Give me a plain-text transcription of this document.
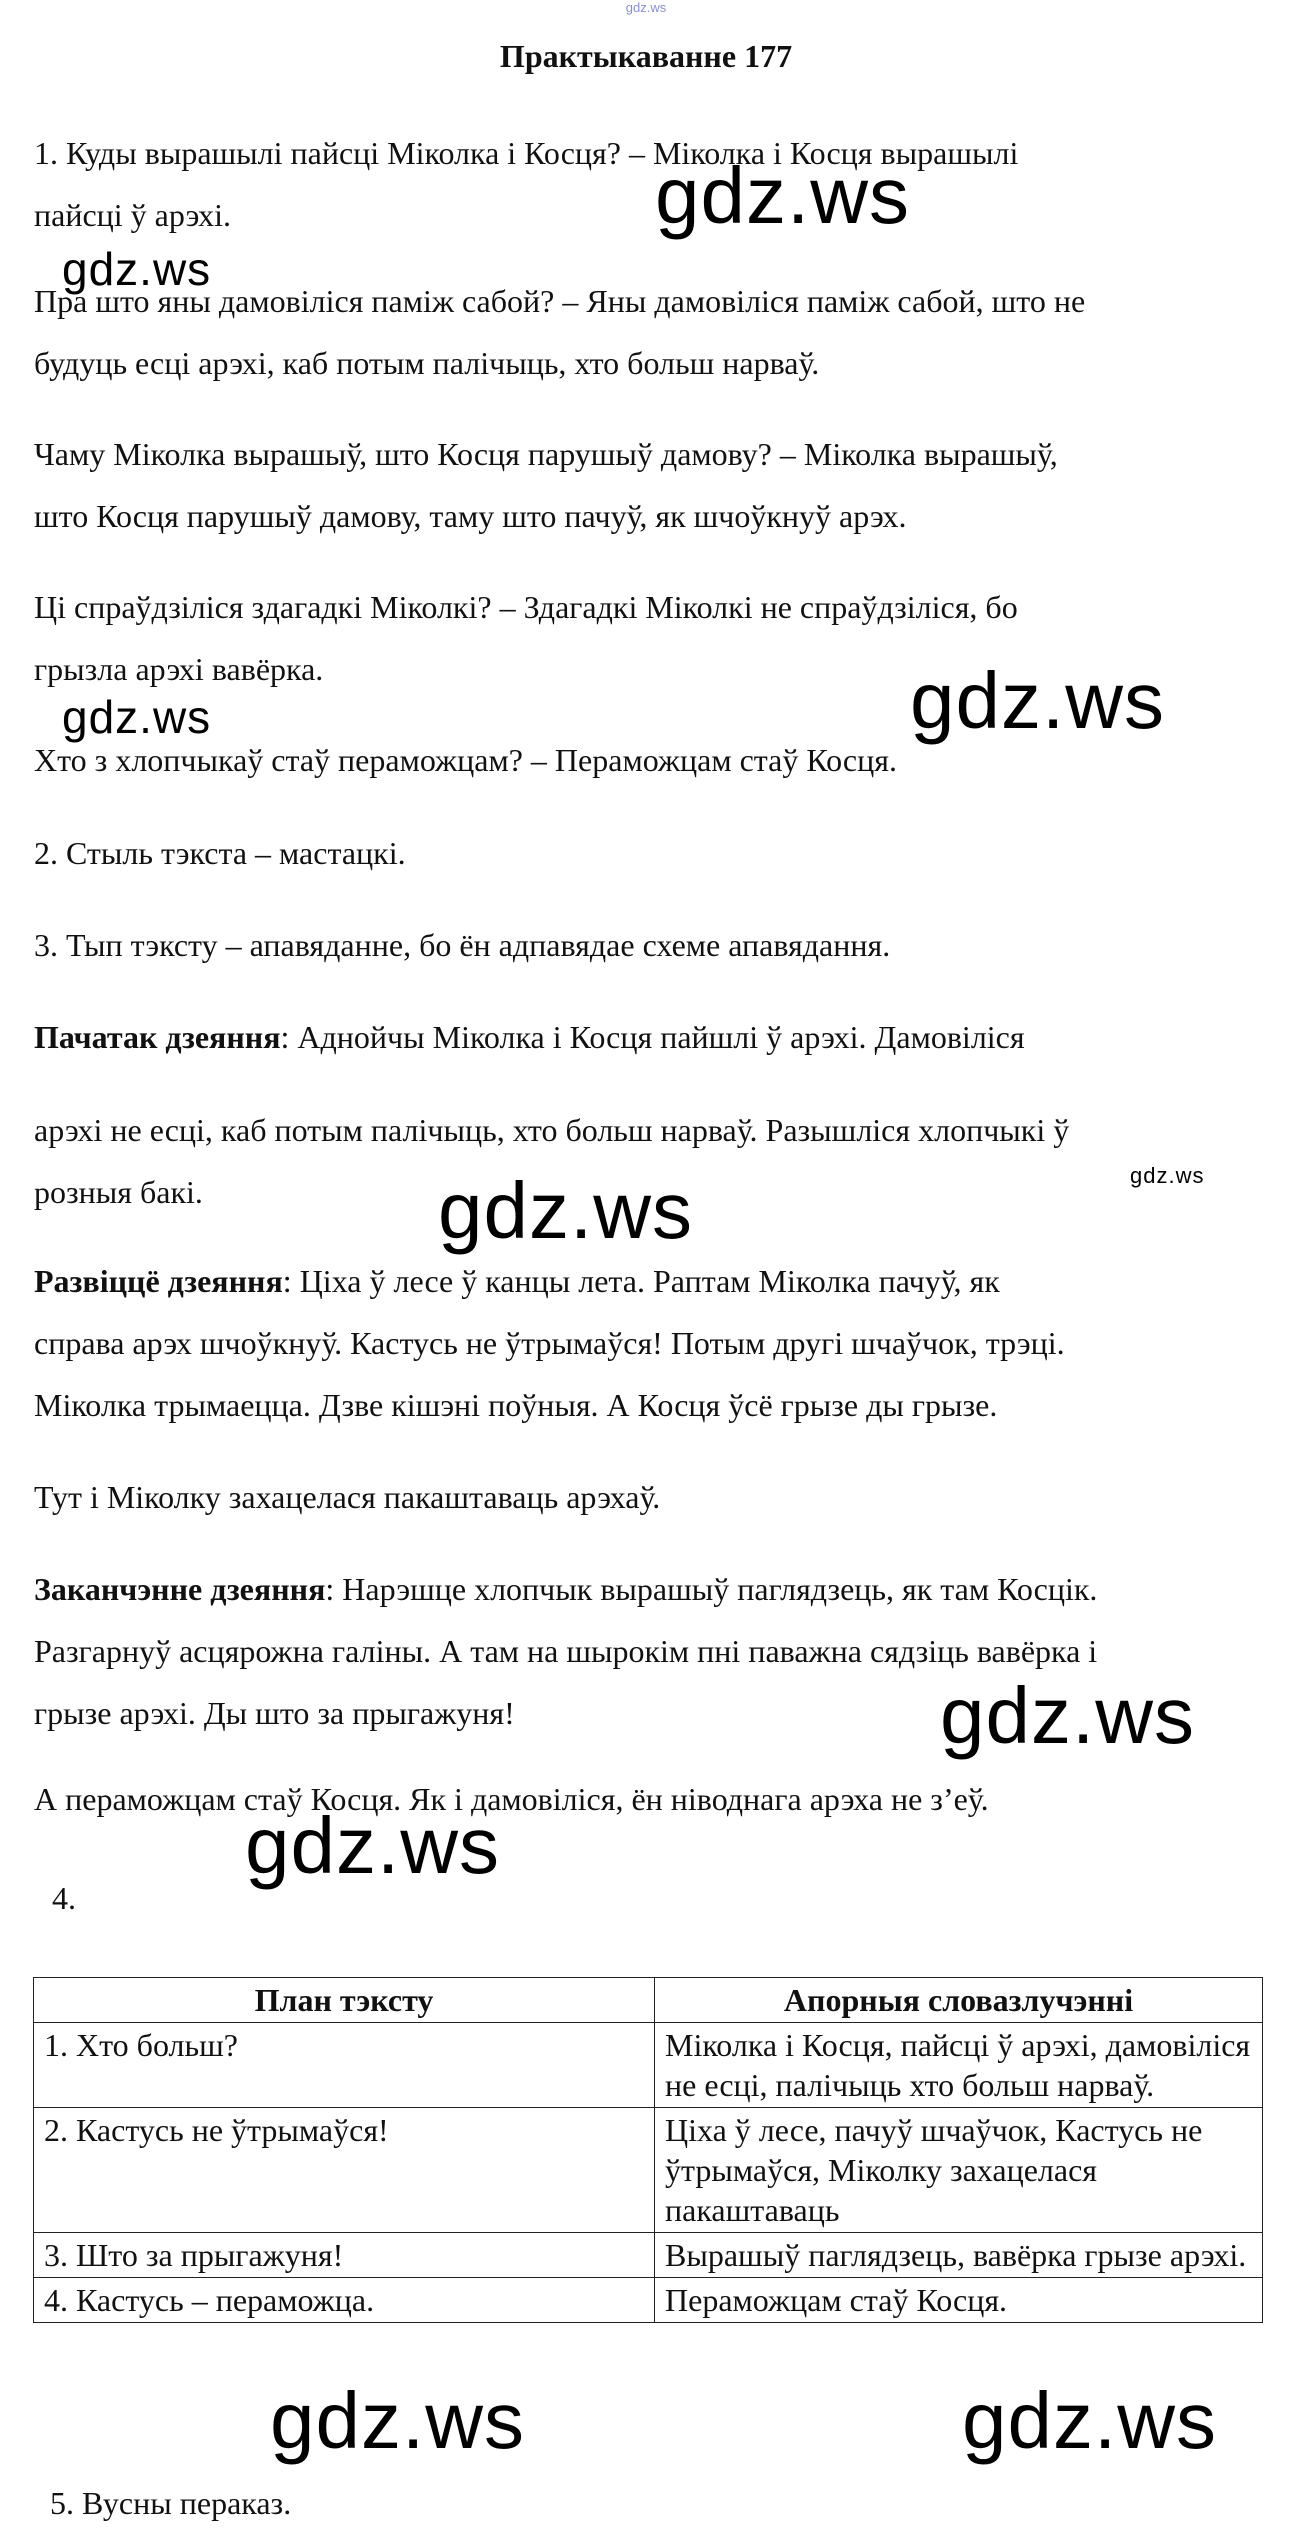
gdz.ws
Практыкаванне 177

1. Куды вырашылі пайсці Міколка і Косця? – Міколка і Косця вырашылі
пайсці ў арэхі.

Пра што яны дамовіліся паміж сабой? – Яны дамовіліся паміж сабой, што не
будуць есці арэхі, каб потым палічыць, хто больш нарваў.

Чаму Міколка вырашыў, што Косця парушыў дамову? – Міколка вырашыў,
што Косця парушыў дамову, таму што пачуў, як шчоўкнуў арэх.

Ці спраўдзіліся здагадкі Міколкі? – Здагадкі Міколкі не спраўдзіліся, бо
грызла арэхі вавёрка.

Хто з хлопчыкаў стаў пераможцам? – Пераможцам стаў Косця.

2. Стыль тэкста – мастацкі.

3. Тып тэксту – апавяданне, бо ён адпавядае схеме апавядання.

Пачатак дзеяння: Аднойчы Міколка і Косця пайшлі ў арэхі. Дамовіліся

арэхі не есці, каб потым палічыць, хто больш нарваў. Разышліся хлопчыкі ў
розныя бакі.

Развіццё дзеяння: Ціха ў лесе ў канцы лета. Раптам Міколка пачуў, як
справа арэх шчоўкнуў. Кастусь не ўтрымаўся! Потым другі шчаўчок, трэці.
Міколка трымаецца. Дзве кішэні поўныя. А Косця ўсё грызе ды грызе.

Тут і Міколку захацелася пакаштаваць арэхаў.

Заканчэнне дзеяння: Нарэшце хлопчык вырашыў паглядзець, як там Косцік.
Разгарнуў асцярожна галіны. А там на шырокім пні паважна сядзіць вавёрка і
грызе арэхі. Ды што за прыгажуня!

А пераможцам стаў Косця. Як і дамовіліся, ён ніводнага арэха не з’еў.

4.
План тэксту	Апорныя словазлучэнні
1. Хто больш?	Міколка і Косця, пайсці ў арэхі, дамовіліся не есці, палічыць хто больш нарваў.
2. Кастусь не ўтрымаўся!	Ціха ў лесе, пачуў шчаўчок, Кастусь не ўтрымаўся, Міколку захацелася пакаштаваць
3. Што за прыгажуня!	Вырашыў паглядзець, вавёрка грызе арэхі.
4. Кастусь – пераможца.	Пераможцам стаў Косця.
5. Вусны пераказ.
gdz.ws
gdz.ws
gdz.ws	gdz.ws
gdz.ws
gdz.ws
gdz.ws
gdz.ws
gdz.ws	gdz.ws
